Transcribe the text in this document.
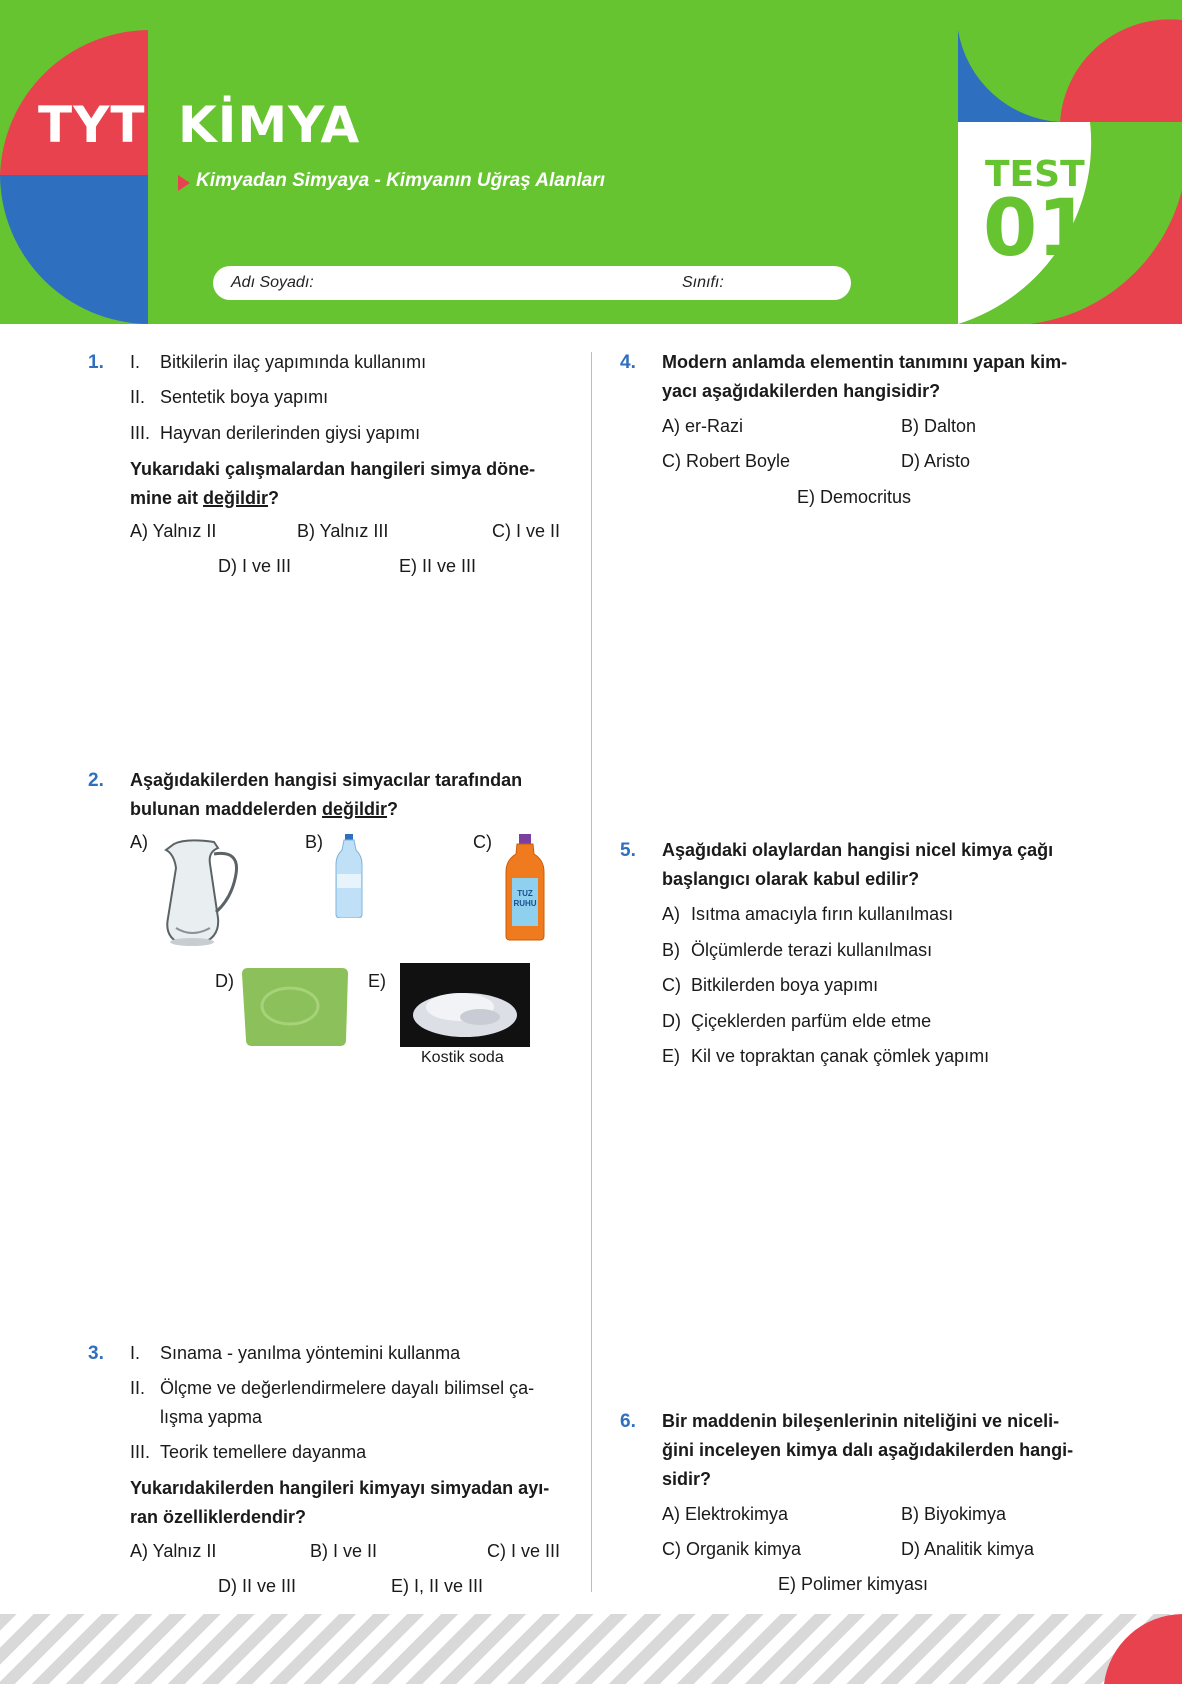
TYT KİMYA
Kimyadan Simyaya - Kimyanın Uğraş Alanları
Adı Soyadı:	Sınıfı:
TEST
01
1. I. Bitkilerin ilaç yapımında kullanımı
II. Sentetik boya yapımı
III. Hayvan derilerinden giysi yapımı
Yukarıdaki çalışmalardan hangileri simya döne-
mine ait değildir?
A) Yalnız II	B) Yalnız III	C) I ve II
D) I ve III	E) II ve III
2. Aşağıdakilerden hangisi simyacılar tarafından
bulunan maddelerden değildir?
A)	B)	C)
TUZ
RUHU
D)	E)
Kostik soda
3. I. Sınama - yanılma yöntemini kullanma
II. Ölçme ve değerlendirmelere dayalı bilimsel ça-
lışma yapma
III. Teorik temellere dayanma
Yukarıdakilerden hangileri kimyayı simyadan ayı-
ran özelliklerdendir?
A) Yalnız II	B) I ve II	C) I ve III
D) II ve III	E) I, II ve III
4. Modern anlamda elementin tanımını yapan kim-
yacı aşağıdakilerden hangisidir?
A) er-Razi	B) Dalton
C) Robert Boyle	D) Aristo
E) Democritus
5. Aşağıdaki olaylardan hangisi nicel kimya çağı
başlangıcı olarak kabul edilir?
A) Isıtma amacıyla fırın kullanılması
B) Ölçümlerde terazi kullanılması
C) Bitkilerden boya yapımı
D) Çiçeklerden parfüm elde etme
E) Kil ve topraktan çanak çömlek yapımı
6. Bir maddenin bileşenlerinin niteliğini ve niceli-
ğini inceleyen kimya dalı aşağıdakilerden hangi-
sidir?
A) Elektrokimya	B) Biyokimya
C) Organik kimya	D) Analitik kimya
E) Polimer kimyası
